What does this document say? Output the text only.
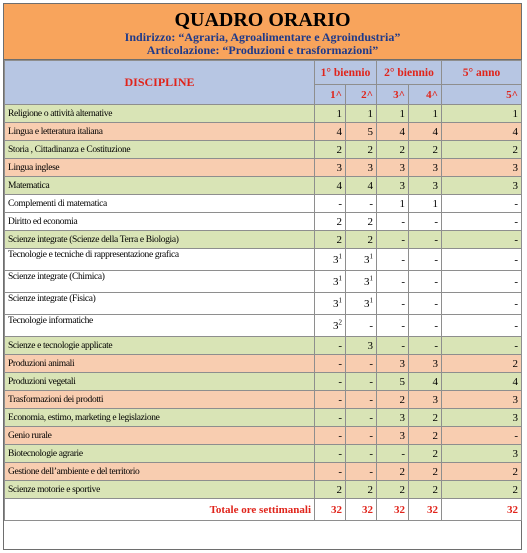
QUADRO ORARIO
Indirizzo: “Agraria, Agroalimentare e Agroindustria”
Articolazione: “Produzioni e trasformazioni”
DISCIPLINE	1° biennio		2° biennio		5° anno
	1^	2^	3^	4^	5^
Religione o attività alternative	1	1	1	1	1
Lingua e letteratura italiana	4	5	4	4	4
Storia , Cittadinanza e Costituzione	2	2	2	2	2
Lingua inglese	3	3	3	3	3
Matematica	4	4	3	3	3
Complementi di matematica	-	-	1	1	-
Diritto ed economia	2	2	-	-	-
Scienze integrate (Scienze della Terra e Biologia)	2	2	-	-	-
Tecnologie e tecniche di rappresentazione grafica	$3^1$	$3^1$	-	-	-
Scienze integrate (Chimica)	$3^1$	$3^1$	-	-	-
Scienze integrate (Fisica)	$3^1$	$3^1$	-	-	-
Tecnologie informatiche	$3^2$	-	-	-	-
Scienze e tecnologie applicate	-	3	-	-	-
Produzioni animali	-	-	3	3	2
Produzioni vegetali	-	-	5	4	4
Trasformazioni dei prodotti	-	-	2	3	3
Economia, estimo, marketing e legislazione	-	-	3	2	3
Genio rurale	-	-	3	2	-
Biotecnologie agrarie	-	-	-	2	3
Gestione dell’ambiente e del territorio	-	-	2	2	2
Scienze motorie e sportive	2	2	2	2	2
Totale ore settimanali	32	32	32	32	32
